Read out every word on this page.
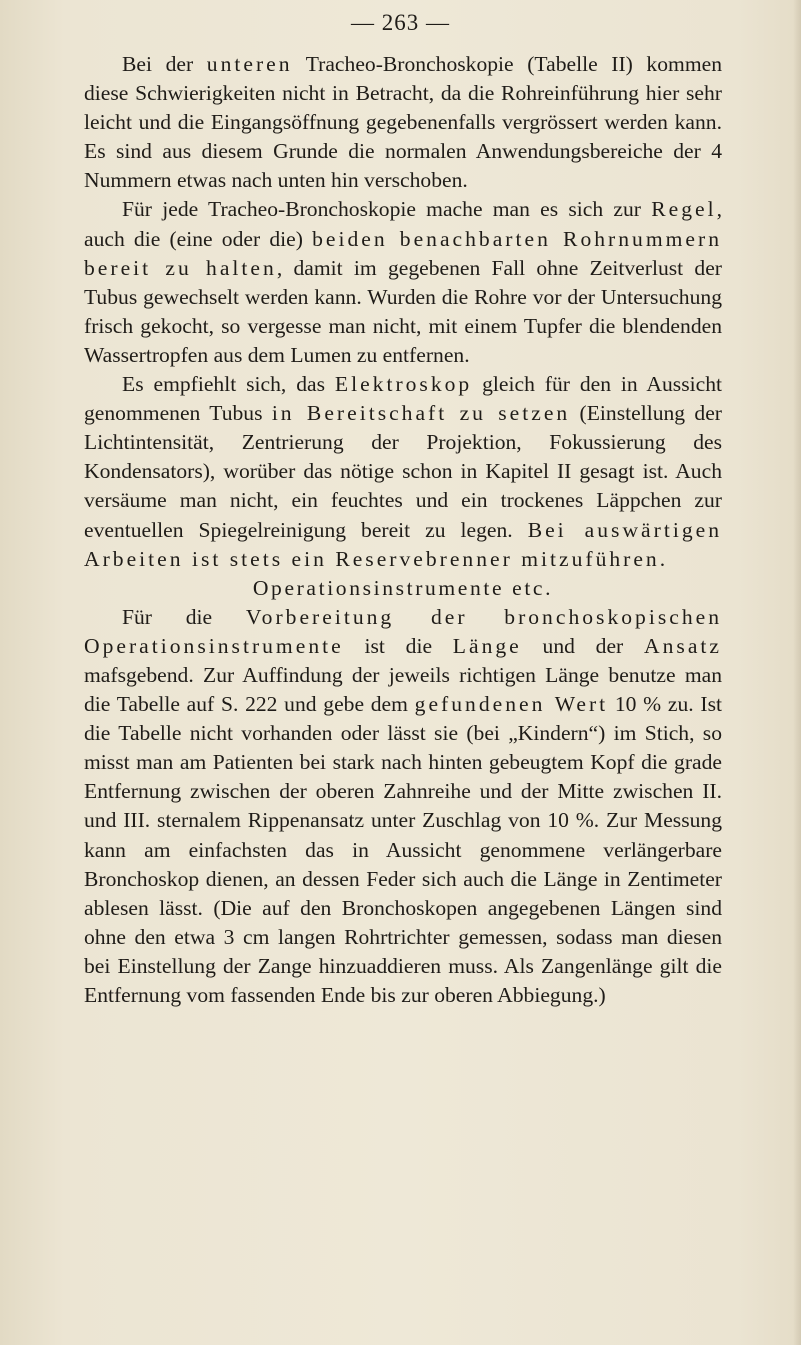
— 263 —

Bei der unteren Tracheo-Bronchoskopie (Tabelle II) kommen diese Schwierigkeiten nicht in Betracht, da die Rohreinführung hier sehr leicht und die Eingangsöffnung gegebenenfalls vergrössert werden kann. Es sind aus diesem Grunde die normalen Anwendungsbereiche der 4 Nummern etwas nach unten hin verschoben.

Für jede Tracheo-Bronchoskopie mache man es sich zur Regel, auch die (eine oder die) beiden benachbarten Rohrnummern bereit zu halten, damit im gegebenen Fall ohne Zeitverlust der Tubus gewechselt werden kann. Wurden die Rohre vor der Untersuchung frisch gekocht, so vergesse man nicht, mit einem Tupfer die blendenden Wassertropfen aus dem Lumen zu entfernen.

Es empfiehlt sich, das Elektroskop gleich für den in Aussicht genommenen Tubus in Bereitschaft zu setzen (Einstellung der Lichtintensität, Zentrierung der Projektion, Fokussierung des Kondensators), worüber das nötige schon in Kapitel II gesagt ist. Auch versäume man nicht, ein feuchtes und ein trockenes Läppchen zur eventuellen Spiegelreinigung bereit zu legen. Bei auswärtigen Arbeiten ist stets ein Reservebrenner mitzuführen.

Operationsinstrumente etc.

Für die Vorbereitung der bronchoskopischen Operationsinstrumente ist die Länge und der Ansatz mafsgebend. Zur Auffindung der jeweils richtigen Länge benutze man die Tabelle auf S. 222 und gebe dem gefundenen Wert 10 % zu. Ist die Tabelle nicht vorhanden oder lässt sie (bei „Kindern“) im Stich, so misst man am Patienten bei stark nach hinten gebeugtem Kopf die grade Entfernung zwischen der oberen Zahnreihe und der Mitte zwischen II. und III. sternalem Rippenansatz unter Zuschlag von 10 %. Zur Messung kann am einfachsten das in Aussicht genommene verlängerbare Bronchoskop dienen, an dessen Feder sich auch die Länge in Zentimeter ablesen lässt. (Die auf den Bronchoskopen angegebenen Längen sind ohne den etwa 3 cm langen Rohrtrichter gemessen, sodass man diesen bei Einstellung der Zange hinzuaddieren muss. Als Zangenlänge gilt die Entfernung vom fassenden Ende bis zur oberen Abbiegung.)
